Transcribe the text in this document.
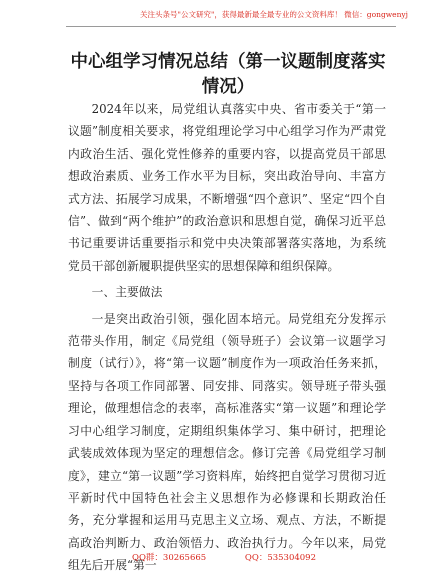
关注头条号"公文研究"，获得最新最全最专业的公文资料库！ 微信：gongwenyj
中心组学习情况总结（第一议题制度落实情况）

2024年以来，局党组认真落实中央、省市委关于“第一议题”制度相关要求，将党组理论学习中心组学习作为严肃党内政治生活、强化党性修养的重要内容，以提高党员干部思想政治素质、业务工作水平为目标，突出政治导向、丰富方式方法、拓展学习成果，不断增强“四个意识”、坚定“四个自信”、做到“两个维护”的政治意识和思想自觉，确保习近平总书记重要讲话重要指示和党中央决策部署落实落地，为系统党员干部创新履职提供坚实的思想保障和组织保障。

一、主要做法

一是突出政治引领，强化固本培元。局党组充分发挥示范带头作用，制定《局党组（领导班子）会议第一议题学习制度（试行）》，将“第一议题”制度作为一项政治任务来抓，坚持与各项工作同部署、同安排、同落实。领导班子带头强理论，做理想信念的表率，高标准落实“第一议题”和理论学习中心组学习制度，定期组织集体学习、集中研讨，把理论武装成效体现为坚定的理想信念。修订完善《局党组学习制度》，建立“第一议题”学习资料库，始终把自觉学习贯彻习近平新时代中国特色社会主义思想作为必修课和长期政治任务，充分掌握和运用马克思主义立场、观点、方法，不断提高政治判断力、政治领悟力、政治执行力。今年以来，局党组先后开展“第一

QQ群：30265665	QQ：535304092
